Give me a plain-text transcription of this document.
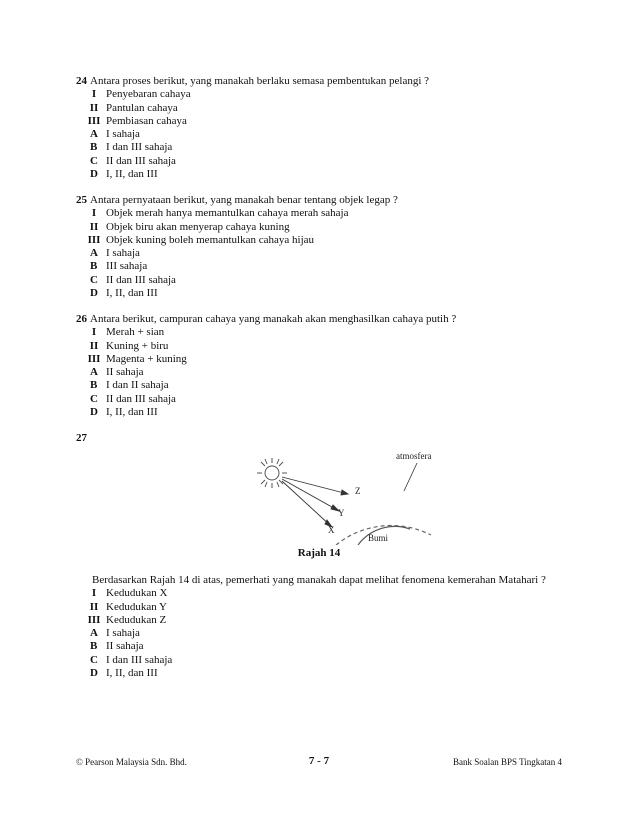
24 Antara proses berikut, yang manakah berlaku semasa pembentukan pelangi ?
I Penyebaran cahaya
II Pantulan cahaya
III Pembiasan cahaya
A I sahaja
B I dan III sahaja
C II dan III sahaja
D I, II, dan III
25 Antara pernyataan berikut, yang manakah benar tentang objek legap ?
I Objek merah hanya memantulkan cahaya merah sahaja
II Objek biru akan menyerap cahaya kuning
III Objek kuning boleh memantulkan cahaya hijau
A I sahaja
B III sahaja
C II dan III sahaja
D I, II, dan III
26 Antara berikut, campuran cahaya yang manakah akan menghasilkan cahaya putih ?
I Merah + sian
II Kuning + biru
III Magenta + kuning
A II sahaja
B I dan II sahaja
C II dan III sahaja
D I, II, dan III
27
atmosfera
Z
Y
X
Bumi
Rajah 14
Berdasarkan Rajah 14 di atas, pemerhati yang manakah dapat melihat fenomena kemerahan Matahari ?
I Kedudukan X
II Kedudukan Y
III Kedudukan Z
A I sahaja
B II sahaja
C I dan III sahaja
D I, II, dan III
© Pearson Malaysia Sdn. Bhd.	7 - 7	Bank Soalan BPS Tingkatan 4
